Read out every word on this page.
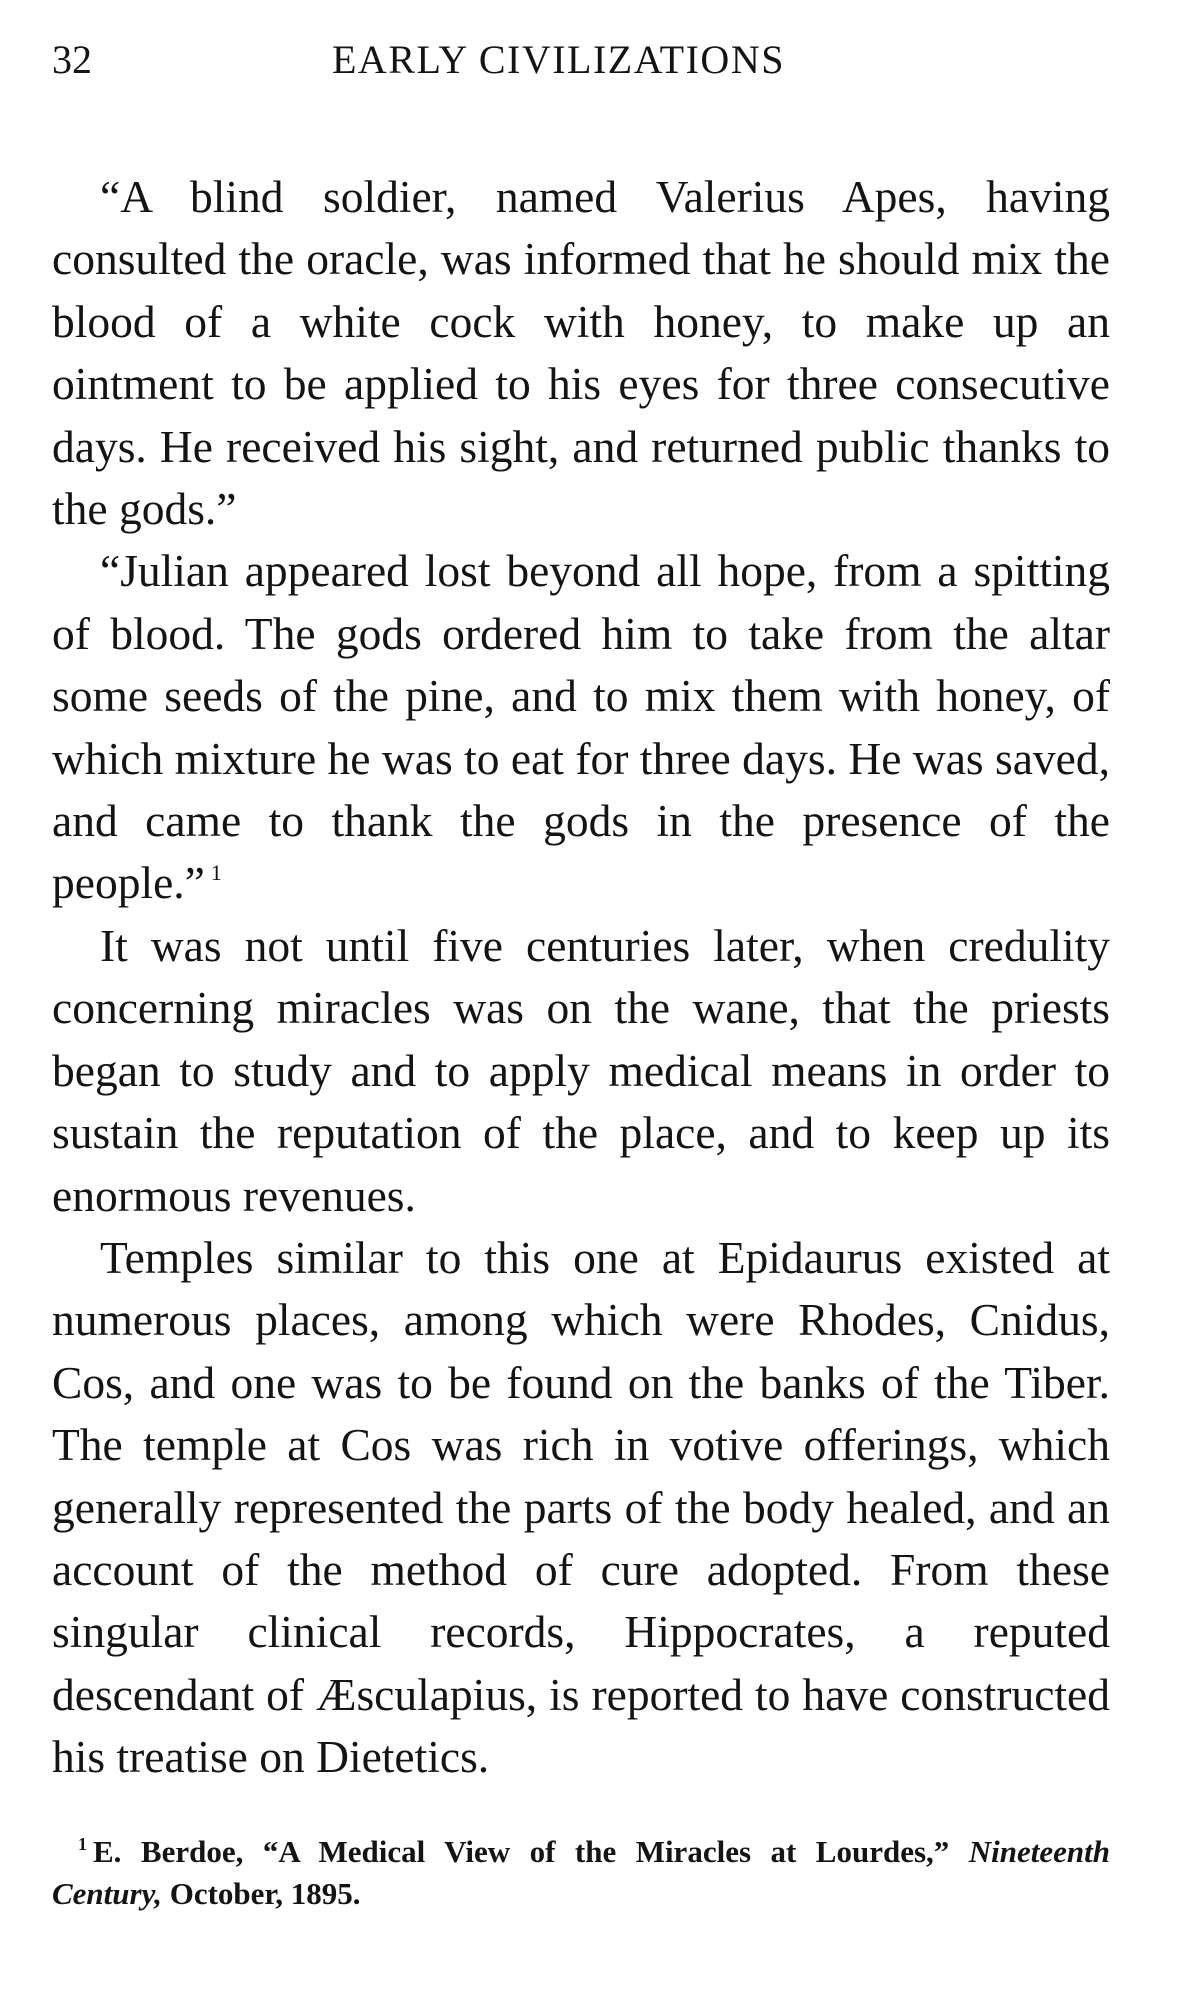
32	EARLY CIVILIZATIONS

“A blind soldier, named Valerius Apes, having consulted the oracle, was informed that he should mix the blood of a white cock with honey, to make up an ointment to be applied to his eyes for three consecutive days. He received his sight, and returned public thanks to the gods.”

“Julian appeared lost beyond all hope, from a spitting of blood. The gods ordered him to take from the altar some seeds of the pine, and to mix them with honey, of which mixture he was to eat for three days. He was saved, and came to thank the gods in the presence of the people.” $^1$

It was not until five centuries later, when credulity concerning miracles was on the wane, that the priests began to study and to apply medical means in order to sustain the reputation of the place, and to keep up its enormous revenues.

Temples similar to this one at Epidaurus existed at numerous places, among which were Rhodes, Cnidus, Cos, and one was to be found on the banks of the Tiber. The temple at Cos was rich in votive offerings, which generally represented the parts of the body healed, and an account of the method of cure adopted. From these singular clinical records, Hippocrates, a reputed descendant of Æsculapius, is reported to have constructed his treatise on Dietetics.

$^1$ E. Berdoe, “A Medical View of the Miracles at Lourdes,” Nineteenth Century, October, 1895.
